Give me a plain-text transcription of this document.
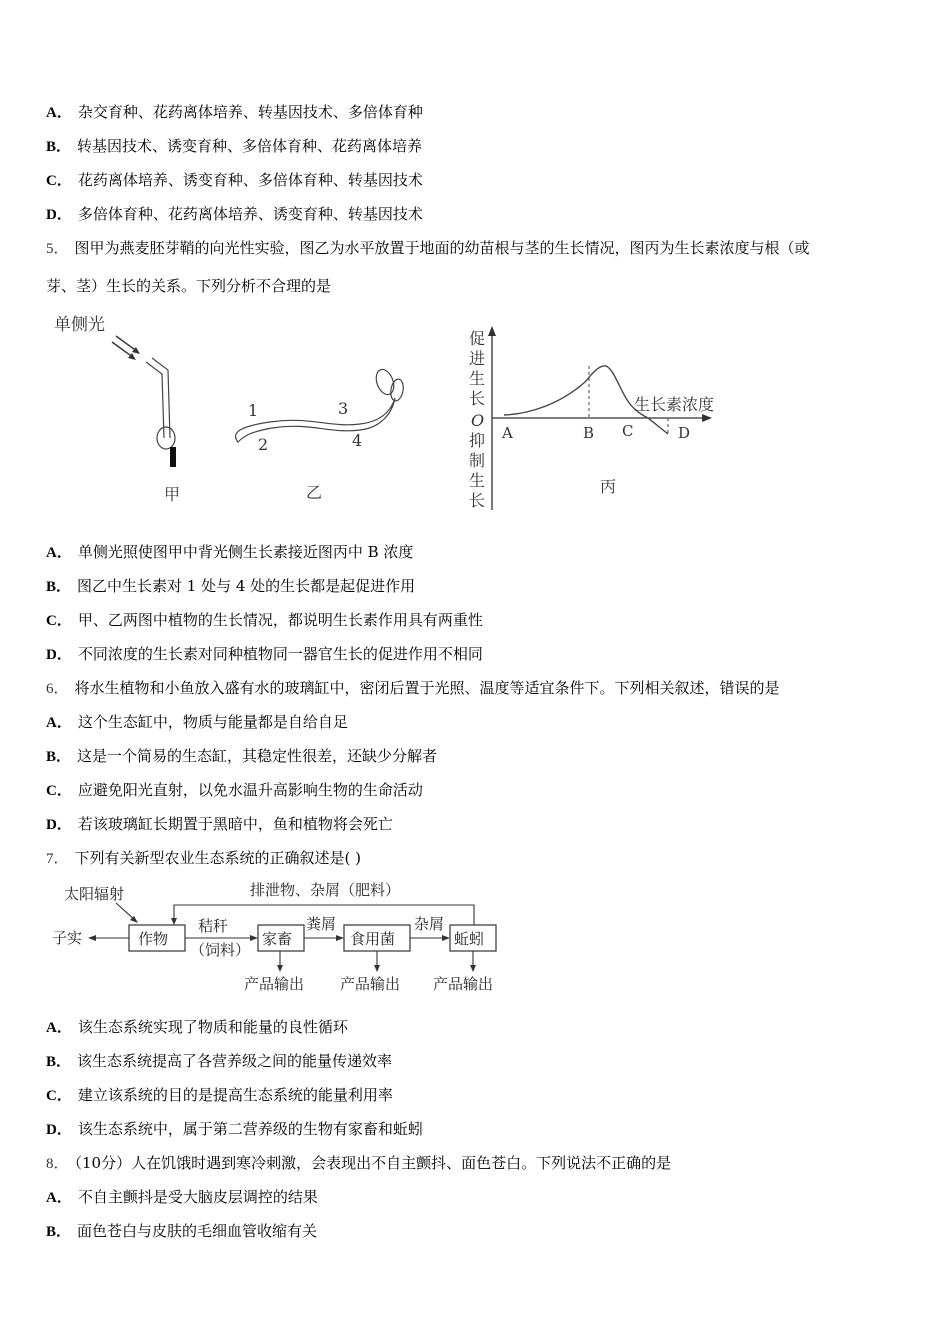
A． 杂交育种、花药离体培养、转基因技术、多倍体育种
B． 转基因技术、诱变育种、多倍体育种、花药离体培养
C． 花药离体培养、诱变育种、多倍体育种、转基因技术
D． 多倍体育种、花药离体培养、诱变育种、转基因技术
5． 图甲为燕麦胚芽鞘的向光性实验，图乙为水平放置于地面的幼苗根与茎的生长情况，图丙为生长素浓度与根（或
芽、茎）生长的关系。下列分析不合理的是
单侧光
甲
1
2
3
4
乙
促
进
生
长
O
抑
制
生
长
生长素浓度
A	B C	D
丙
A． 单侧光照使图甲中背光侧生长素接近图丙中 B 浓度
B． 图乙中生长素对 1 处与 4 处的生长都是起促进作用
C． 甲、乙两图中植物的生长情况，都说明生长素作用具有两重性
D． 不同浓度的生长素对同种植物同一器官生长的促进作用不相同
6． 将水生植物和小鱼放入盛有水的玻璃缸中，密闭后置于光照、温度等适宜条件下。下列相关叙述，错误的是
A． 这个生态缸中，物质与能量都是自给自足
B． 这是一个简易的生态缸，其稳定性很差，还缺少分解者
C． 应避免阳光直射，以免水温升高影响生物的生命活动
D． 若该玻璃缸长期置于黑暗中，鱼和植物将会死亡
7． 下列有关新型农业生态系统的正确叙述是( )
太阳辐射	排泄物、杂屑（肥料）
子实
秸秆
（饲料）
粪屑	杂屑
产品输出 产品输出 产品输出
作物	家畜	食用菌	蚯蚓
A． 该生态系统实现了物质和能量的良性循环
B． 该生态系统提高了各营养级之间的能量传递效率
C． 建立该系统的目的是提高生态系统的能量利用率
D． 该生态系统中，属于第二营养级的生物有家畜和蚯蚓
8． （10分）人在饥饿时遇到寒冷刺激，会表现出不自主颤抖、面色苍白。下列说法不正确的是
A． 不自主颤抖是受大脑皮层调控的结果
B． 面色苍白与皮肤的毛细血管收缩有关
